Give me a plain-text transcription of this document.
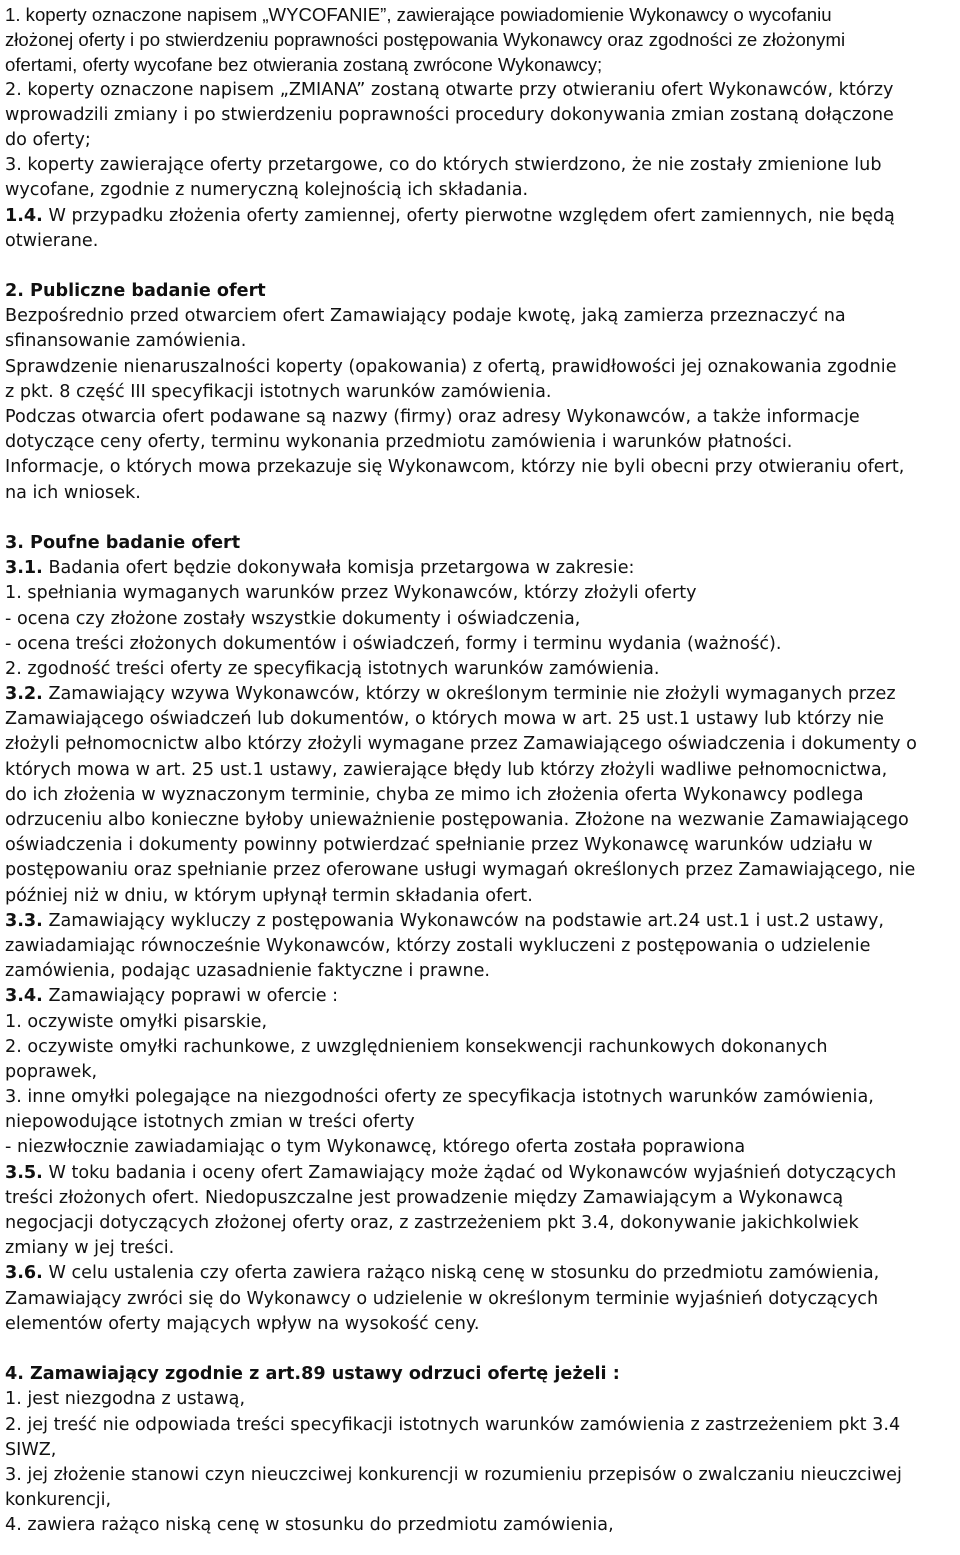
1. koperty oznaczone napisem „WYCOFANIE”, zawierające powiadomienie Wykonawcy o wycofaniu
złożonej oferty i po stwierdzeniu poprawności postępowania Wykonawcy oraz zgodności ze złożonymi
ofertami, oferty wycofane bez otwierania zostaną zwrócone Wykonawcy;
2. koperty oznaczone napisem „ZMIANA” zostaną otwarte przy otwieraniu ofert Wykonawców, którzy
wprowadzili zmiany i po stwierdzeniu poprawności procedury dokonywania zmian zostaną dołączone
do oferty;
3. koperty zawierające oferty przetargowe, co do których stwierdzono, że nie zostały zmienione lub
wycofane, zgodnie z numeryczną kolejnością ich składania.
1.4. W przypadku złożenia oferty zamiennej, oferty pierwotne względem ofert zamiennych, nie będą
otwierane.
2. Publiczne badanie ofert
Bezpośrednio przed otwarciem ofert Zamawiający podaje kwotę, jaką zamierza przeznaczyć na
sfinansowanie zamówienia.
Sprawdzenie nienaruszalności koperty (opakowania) z ofertą, prawidłowości jej oznakowania zgodnie
z pkt. 8 część III specyfikacji istotnych warunków zamówienia.
Podczas otwarcia ofert podawane są nazwy (firmy) oraz adresy Wykonawców, a także informacje
dotyczące ceny oferty, terminu wykonania przedmiotu zamówienia i warunków płatności.
Informacje, o których mowa przekazuje się Wykonawcom, którzy nie byli obecni przy otwieraniu ofert,
na ich wniosek.
3. Poufne badanie ofert
3.1. Badania ofert będzie dokonywała komisja przetargowa w zakresie:
1. spełniania wymaganych warunków przez Wykonawców, którzy złożyli oferty
- ocena czy złożone zostały wszystkie dokumenty i oświadczenia,
- ocena treści złożonych dokumentów i oświadczeń, formy i terminu wydania (ważność).
2. zgodność treści oferty ze specyfikacją istotnych warunków zamówienia.
3.2. Zamawiający wzywa Wykonawców, którzy w określonym terminie nie złożyli wymaganych przez
Zamawiającego oświadczeń lub dokumentów, o których mowa w art. 25 ust.1 ustawy lub którzy nie
złożyli pełnomocnictw albo którzy złożyli wymagane przez Zamawiającego oświadczenia i dokumenty o
których mowa w art. 25 ust.1 ustawy, zawierające błędy lub którzy złożyli wadliwe pełnomocnictwa,
do ich złożenia w wyznaczonym terminie, chyba ze mimo ich złożenia oferta Wykonawcy podlega
odrzuceniu albo konieczne byłoby unieważnienie postępowania. Złożone na wezwanie Zamawiającego
oświadczenia i dokumenty powinny potwierdzać spełnianie przez Wykonawcę warunków udziału w
postępowaniu oraz spełnianie przez oferowane usługi wymagań określonych przez Zamawiającego, nie
później niż w dniu, w którym upłynął termin składania ofert.
3.3. Zamawiający wykluczy z postępowania Wykonawców na podstawie art.24 ust.1 i ust.2 ustawy,
zawiadamiając równocześnie Wykonawców, którzy zostali wykluczeni z postępowania o udzielenie
zamówienia, podając uzasadnienie faktyczne i prawne.
3.4. Zamawiający poprawi w ofercie :
1. oczywiste omyłki pisarskie,
2. oczywiste omyłki rachunkowe, z uwzględnieniem konsekwencji rachunkowych dokonanych
poprawek,
3. inne omyłki polegające na niezgodności oferty ze specyfikacja istotnych warunków zamówienia,
niepowodujące istotnych zmian w treści oferty
- niezwłocznie zawiadamiając o tym Wykonawcę, którego oferta została poprawiona
3.5. W toku badania i oceny ofert Zamawiający może żądać od Wykonawców wyjaśnień dotyczących
treści złożonych ofert. Niedopuszczalne jest prowadzenie między Zamawiającym a Wykonawcą
negocjacji dotyczących złożonej oferty oraz, z zastrzeżeniem pkt 3.4, dokonywanie jakichkolwiek
zmiany w jej treści.
3.6. W celu ustalenia czy oferta zawiera rażąco niską cenę w stosunku do przedmiotu zamówienia,
Zamawiający zwróci się do Wykonawcy o udzielenie w określonym terminie wyjaśnień dotyczących
elementów oferty mających wpływ na wysokość ceny.
4. Zamawiający zgodnie z art.89 ustawy odrzuci ofertę jeżeli :
1. jest niezgodna z ustawą,
2. jej treść nie odpowiada treści specyfikacji istotnych warunków zamówienia z zastrzeżeniem pkt 3.4
SIWZ,
3. jej złożenie stanowi czyn nieuczciwej konkurencji w rozumieniu przepisów o zwalczaniu nieuczciwej
konkurencji,
4. zawiera rażąco niską cenę w stosunku do przedmiotu zamówienia,
